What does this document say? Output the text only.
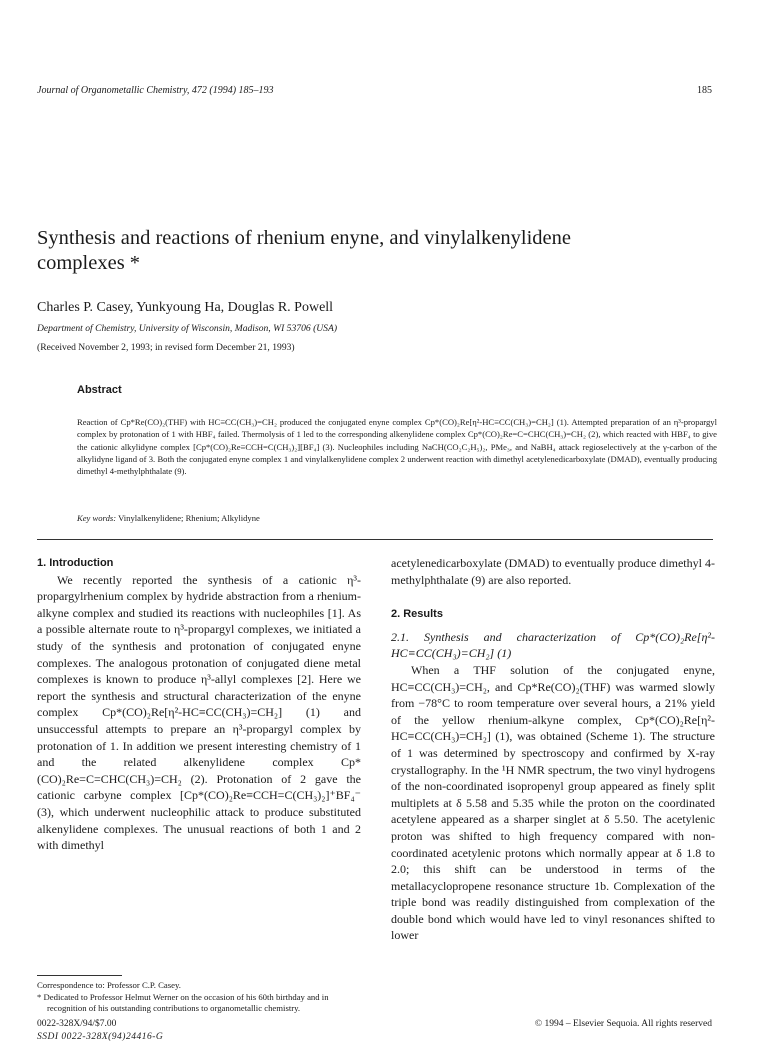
Journal of Organometallic Chemistry, 472 (1994) 185–193	185
Synthesis and reactions of rhenium enyne, and vinylalkenylidene complexes *
Charles P. Casey, Yunkyoung Ha, Douglas R. Powell
Department of Chemistry, University of Wisconsin, Madison, WI 53706 (USA)
(Received November 2, 1993; in revised form December 21, 1993)
Abstract
Reaction of Cp*Re(CO)₂(THF) with HC≡CC(CH₃)=CH₂ produced the conjugated enyne complex Cp*(CO)₂Re[η²-HC≡CC(CH₃)=CH₂] (1). Attempted preparation of an η³-propargyl complex by protonation of 1 with HBF₄ failed. Thermolysis of 1 led to the corresponding alkenylidene complex Cp*(CO)₂Re=C=CHC(CH₃)=CH₂ (2), which reacted with HBF₄ to give the cationic alkylidyne complex [Cp*(CO)₂Re≡CCH=C(CH₃)₂][BF₄] (3). Nucleophiles including NaCH(CO₂C₂H₅)₂, PMe₃, and NaBH₄ attack regioselectively at the γ-carbon of the alkylidyne ligand of 3. Both the conjugated enyne complex 1 and vinylalkenylidene complex 2 underwent reaction with dimethyl acetylenedicarboxylate (DMAD), eventually producing dimethyl 4-methylphthalate (9).
Key words: Vinylalkenylidene; Rhenium; Alkylidyne

1. Introduction

We recently reported the synthesis of a cationic η³-propargylrhenium complex by hydride abstraction from a rhenium-alkyne complex and studied its reactions with nucleophiles [1]. As a possible alternate route to η³-propargyl complexes, we initiated a study of the synthesis and protonation of conjugated enyne complexes. The analogous protonation of conjugated diene metal complexes is known to produce η³-allyl complexes [2]. Here we report the synthesis and structural characterization of the enyne complex Cp*(CO)₂Re[η²-HC≡CC(CH₃)=CH₂] (1) and unsuccessful attempts to prepare an η³-propargyl complex by protonation of 1. In addition we present interesting chemistry of 1 and the related alkenylidene complex Cp*(CO)₂Re=C=CHC(CH₃)=CH₂ (2). Protonation of 2 gave the cationic carbyne complex [Cp*(CO)₂Re≡CCH=C(CH₃)₂]⁺BF₄⁻ (3), which underwent nucleophilic attack to produce substituted alkenylidene complexes. The unusual reactions of both 1 and 2 with dimethyl

acetylenedicarboxylate (DMAD) to eventually produce dimethyl 4-methylphthalate (9) are also reported.

2. Results

2.1. Synthesis and characterization of Cp*(CO)₂Re[η²-HC≡CC(CH₃)=CH₂] (1)

When a THF solution of the conjugated enyne, HC≡CC(CH₃)=CH₂, and Cp*Re(CO)₂(THF) was warmed slowly from −78°C to room temperature over several hours, a 21% yield of the yellow rhenium-alkyne complex, Cp*(CO)₂Re[η²-HC≡CC(CH₃)=CH₂] (1), was obtained (Scheme 1). The structure of 1 was determined by spectroscopy and confirmed by X-ray crystallography. In the ¹H NMR spectrum, the two vinyl hydrogens of the non-coordinated isopropenyl group appeared as finely split multiplets at δ 5.58 and 5.35 while the proton on the coordinated acetylene appeared as a sharper singlet at δ 5.50. The acetylenic proton was shifted to high frequency compared with non-coordinated acetylenic protons which normally appear at δ 1.8 to 2.0; this shift can be understood in terms of the metallacyclopropene resonance structure 1b. Complexation of the triple bond was readily distinguished from complexation of the double bond which would have led to vinyl resonances shifted to lower

Correspondence to: Professor C.P. Casey.

* Dedicated to Professor Helmut Werner on the occasion of his 60th birthday and in recognition of his outstanding contributions to organometallic chemistry.

0022-328X/94/$7.00
SSDI 0022-328X(94)24416-G
© 1994 – Elsevier Sequoia. All rights reserved
